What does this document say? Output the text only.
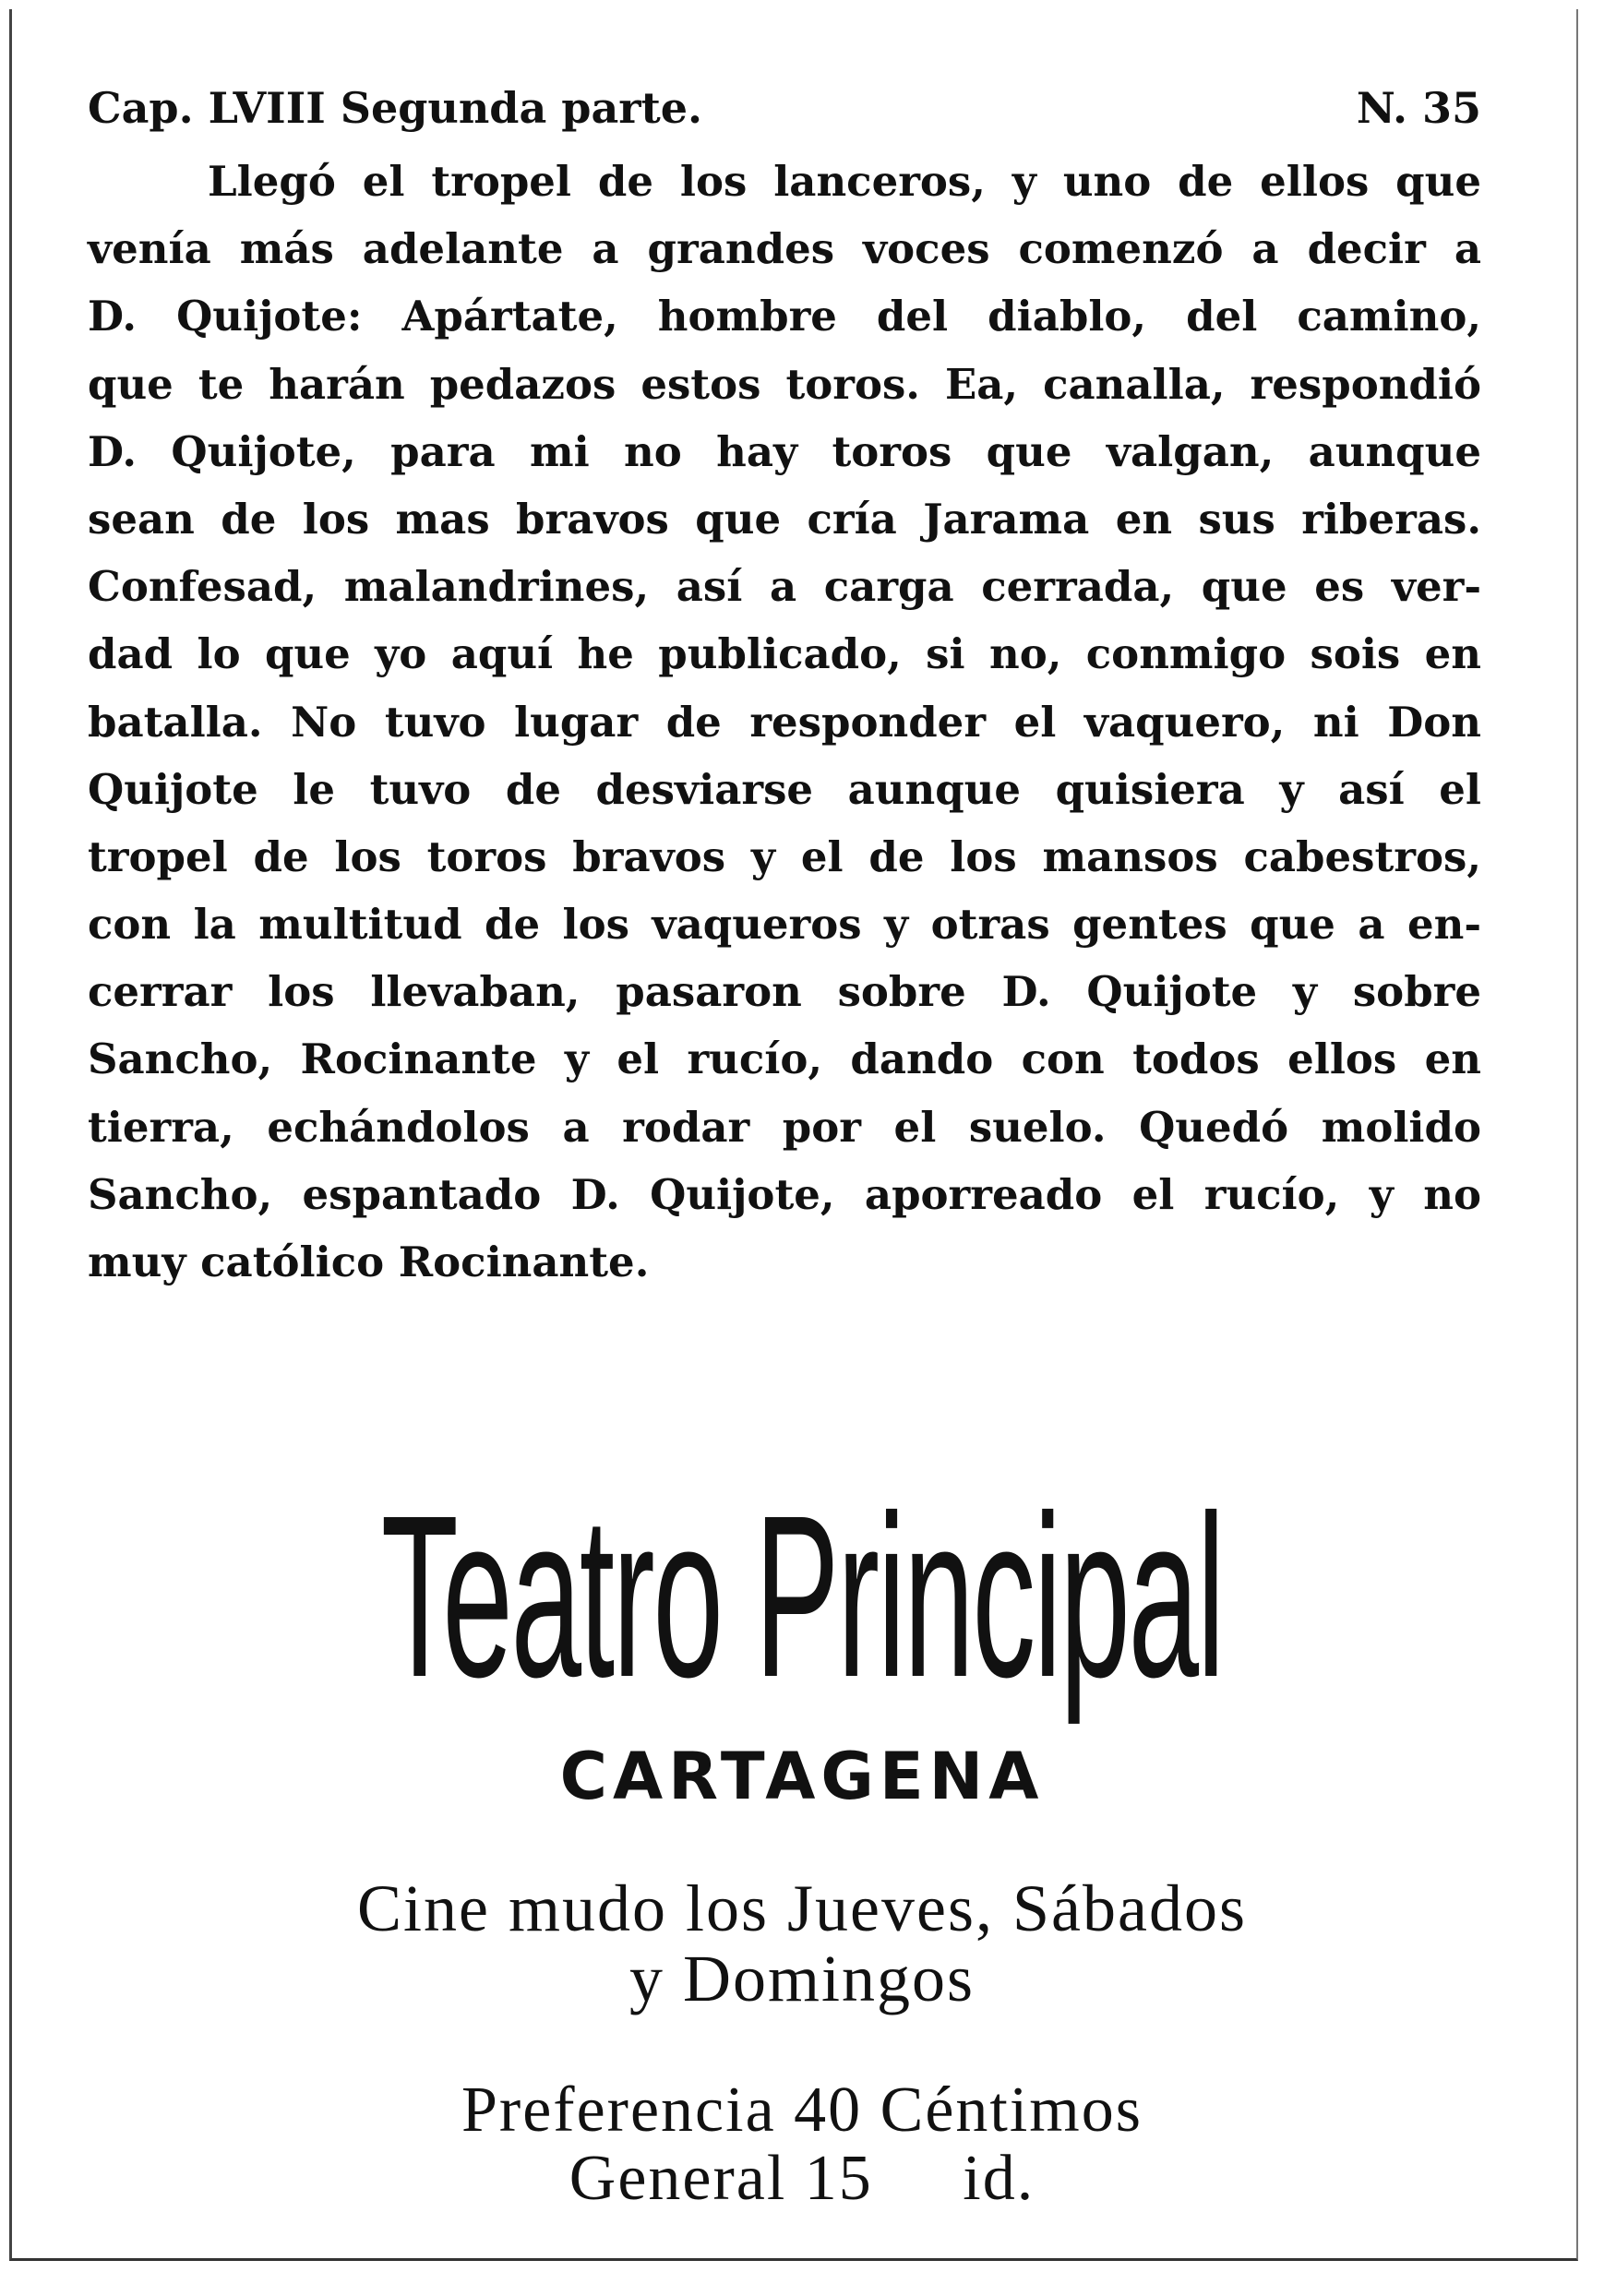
Cap. LVIII Segunda parte.	N. 35
Llegó el tropel de los lanceros, y uno de ellos que
venía más adelante a grandes voces comenzó a decir a
D. Quijote: Apártate, hombre del diablo, del camino,
que te harán pedazos estos toros. Ea, canalla, respondió
D. Quijote, para mi no hay toros que valgan, aunque
sean de los mas bravos que cría Jarama en sus riberas.
Confesad, malandrines, así a carga cerrada, que es ver-
dad lo que yo aquí he publicado, si no, conmigo sois en
batalla. No tuvo lugar de responder el vaquero, ni Don
Quijote le tuvo de desviarse aunque quisiera y así el
tropel de los toros bravos y el de los mansos cabestros,
con la multitud de los vaqueros y otras gentes que a en-
cerrar los llevaban, pasaron sobre D. Quijote y sobre
Sancho, Rocinante y el rucío, dando con todos ellos en
tierra, echándolos a rodar por el suelo. Quedó molido
Sancho, espantado D. Quijote, aporreado el rucío, y no
muy católico Rocinante.
Teatro Principal
CARTAGENA
Cine mudo los Jueves, Sábados
y Domingos
Preferencia 40 Céntimos
General 15     id.
